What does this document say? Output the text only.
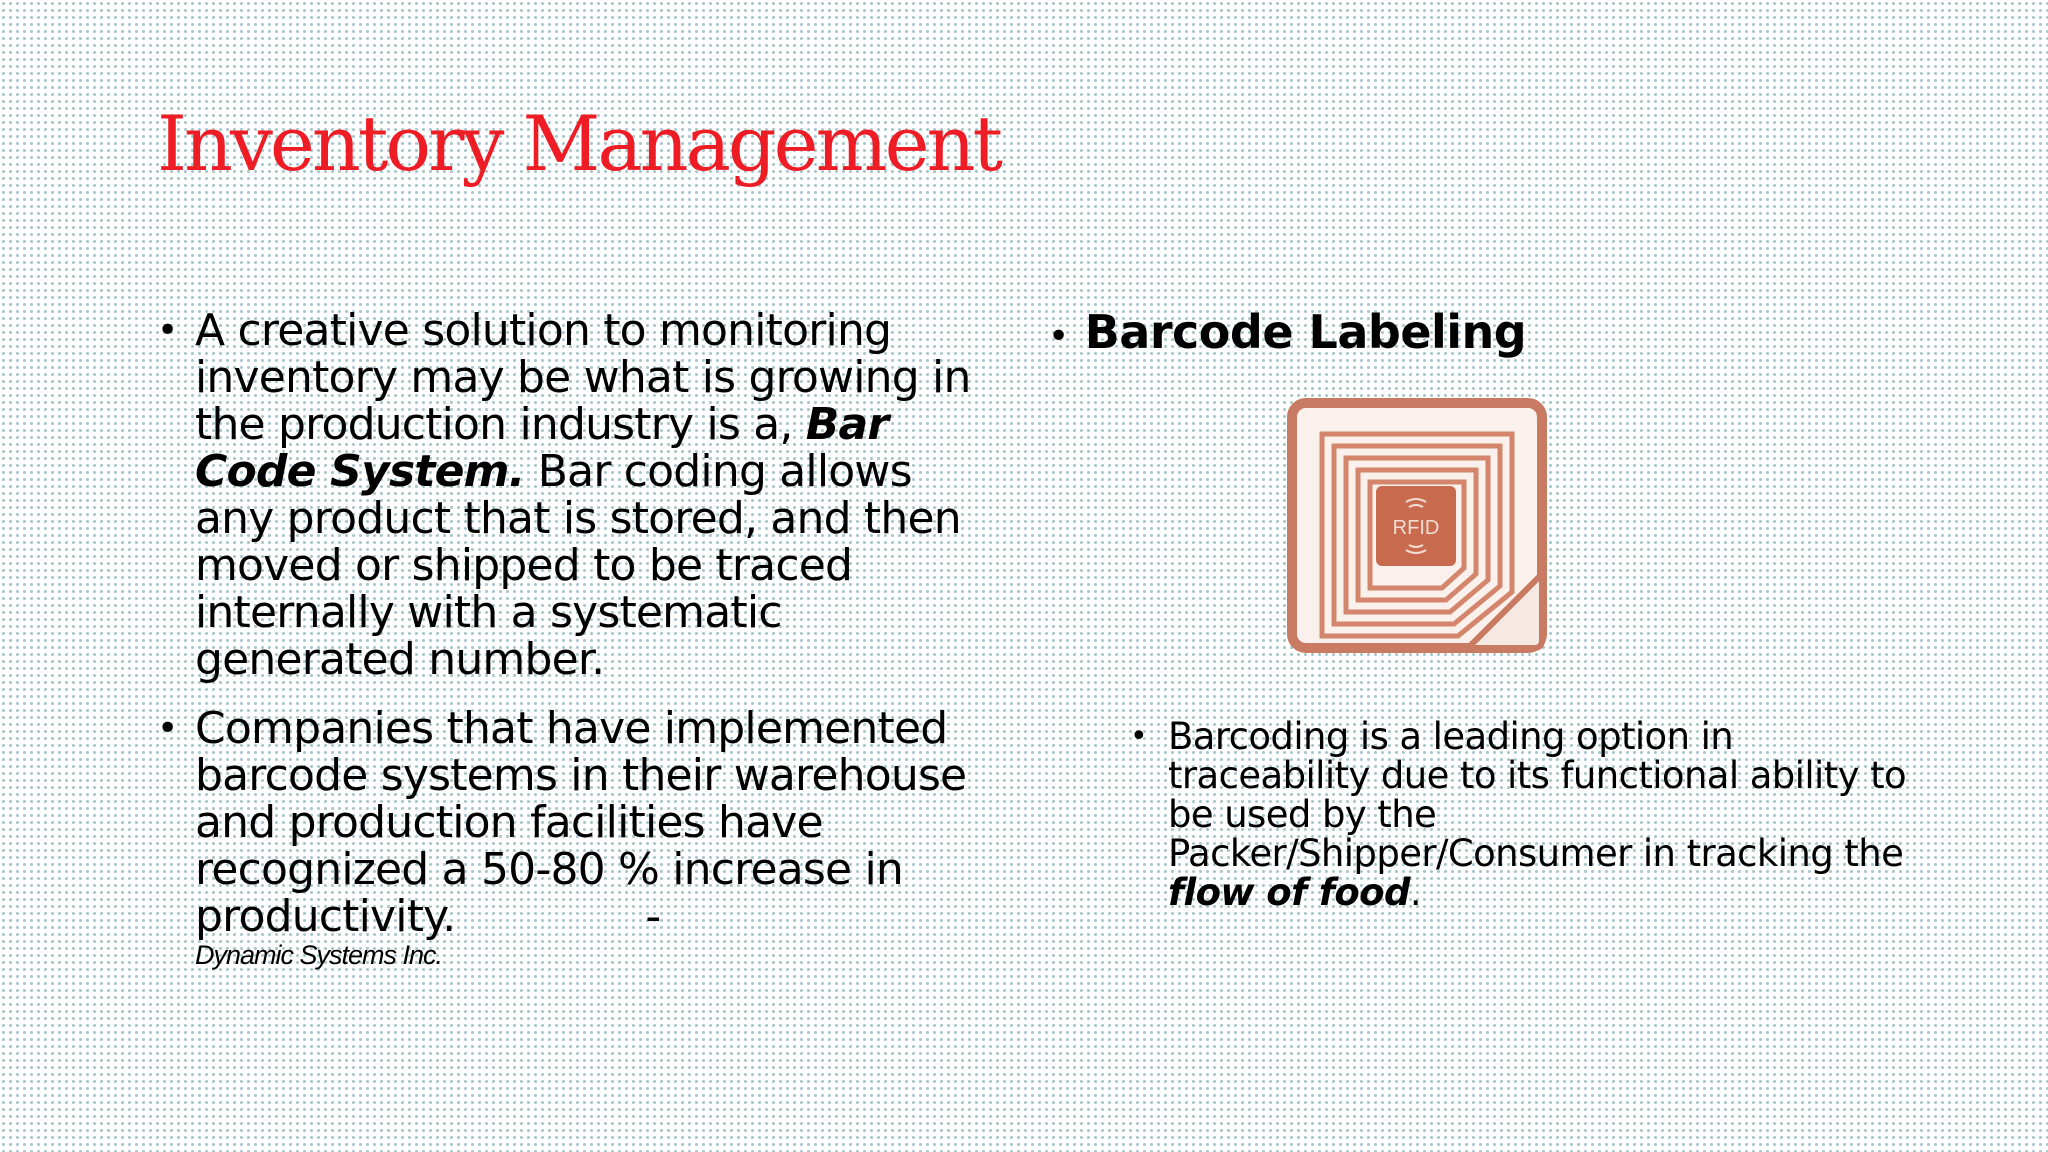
Inventory Management
• A creative solution to monitoring inventory may be what is growing in the production industry is a, Bar Code System. Bar coding allows any product that is stored, and then moved or shipped to be traced internally with a systematic generated number.
• Companies that have implemented barcode systems in their warehouse and production facilities have recognized a 50-80 % increase in productivity.	-
Dynamic Systems Inc.
• Barcode Labeling
RFID
• Barcoding is a leading option in traceability due to its functional ability to be used by the Packer/Shipper/Consumer in tracking the flow of food.
